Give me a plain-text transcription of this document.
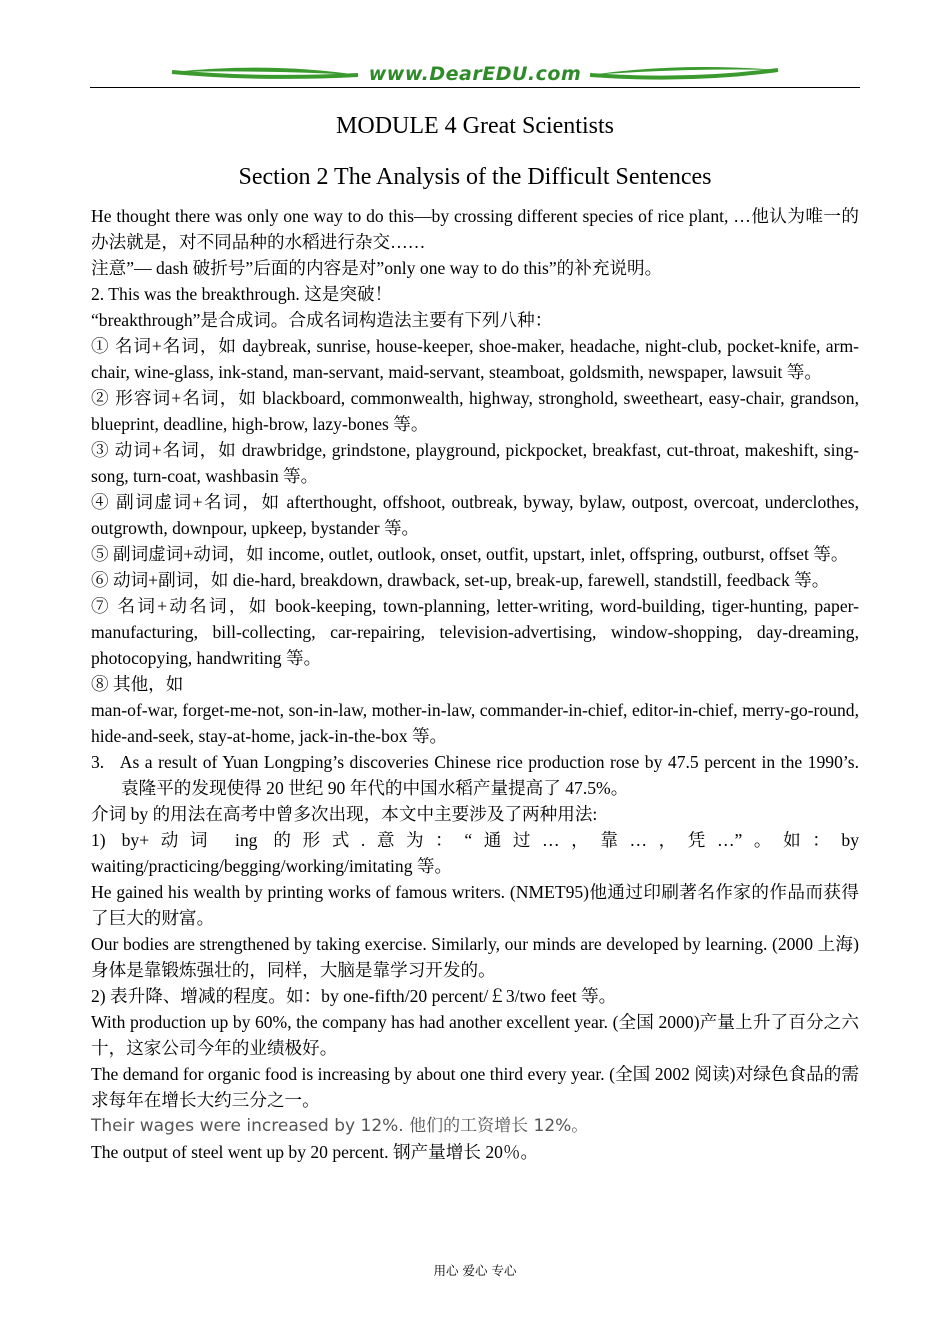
www.DearEDU.com
MODULE 4 Great Scientists
Section 2 The Analysis of the Difficult Sentences

He thought there was only one way to do this—by crossing different species of rice plant, …他认为唯一的办法就是，对不同品种的水稻进行杂交……

注意”— dash 破折号”后面的内容是对”only one way to do this”的补充说明。

2. This was the breakthrough. 这是突破！

“breakthrough”是合成词。合成名词构造法主要有下列八种：

① 名词+名词，如 daybreak, sunrise, house-keeper, shoe-maker, headache, night-club, pocket-knife, arm-chair, wine-glass, ink-stand, man-servant, maid-servant, steamboat, goldsmith, newspaper, lawsuit 等。

② 形容词+名词，如 blackboard, commonwealth, highway, stronghold, sweetheart, easy-chair, grandson, blueprint, deadline, high-brow, lazy-bones 等。

③ 动词+名词，如 drawbridge, grindstone, playground, pickpocket, breakfast, cut-throat, makeshift, sing-song, turn-coat, washbasin 等。

④ 副词虚词+名词，如 afterthought, offshoot, outbreak, byway, bylaw, outpost, overcoat, underclothes, outgrowth, downpour, upkeep, bystander 等。

⑤ 副词虚词+动词，如 income, outlet, outlook, onset, outfit, upstart, inlet, offspring, outburst, offset 等。

⑥ 动词+副词，如 die-hard, breakdown, drawback, set-up, break-up, farewell, standstill, feedback 等。

⑦ 名词+动名词，如 book-keeping, town-planning, letter-writing, word-building, tiger-hunting, paper-manufacturing, bill-collecting, car-repairing, television-advertising, window-shopping, day-dreaming, photocopying, handwriting 等。

⑧ 其他，如

man-of-war, forget-me-not, son-in-law, mother-in-law, commander-in-chief, editor-in-chief, merry-go-round, hide-and-seek, stay-at-home, jack-in-the-box 等。

3.   As a result of Yuan Longping’s discoveries Chinese rice production rose by 47.5 percent in the 1990’s. 袁隆平的发现使得 20 世纪 90 年代的中国水稻产量提高了 47.5%。

介词 by 的用法在高考中曾多次出现，本文中主要涉及了两种用法:

1) by+动词 ing 的形式.意为：“通过…，靠…，凭…”。如：by waiting/practicing/begging/working/imitating 等。

He gained his wealth by printing works of famous writers. (NMET95)他通过印刷著名作家的作品而获得了巨大的财富。

Our bodies are strengthened by taking exercise. Similarly, our minds are developed by learning. (2000 上海)身体是靠锻炼强壮的，同样，大脑是靠学习开发的。

2) 表升降、增减的程度。如：by one-fifth/20 percent/￡3/two feet 等。

With production up by 60%, the company has had another excellent year. (全国 2000)产量上升了百分之六十，这家公司今年的业绩极好。

The demand for organic food is increasing by about one third every year. (全国 2002 阅读)对绿色食品的需求每年在增长大约三分之一。

Their wages were increased by 12%. 他们的工资增长 12%。

The output of steel went up by 20 percent. 钢产量增长 20％。

用心 爱心 专心
